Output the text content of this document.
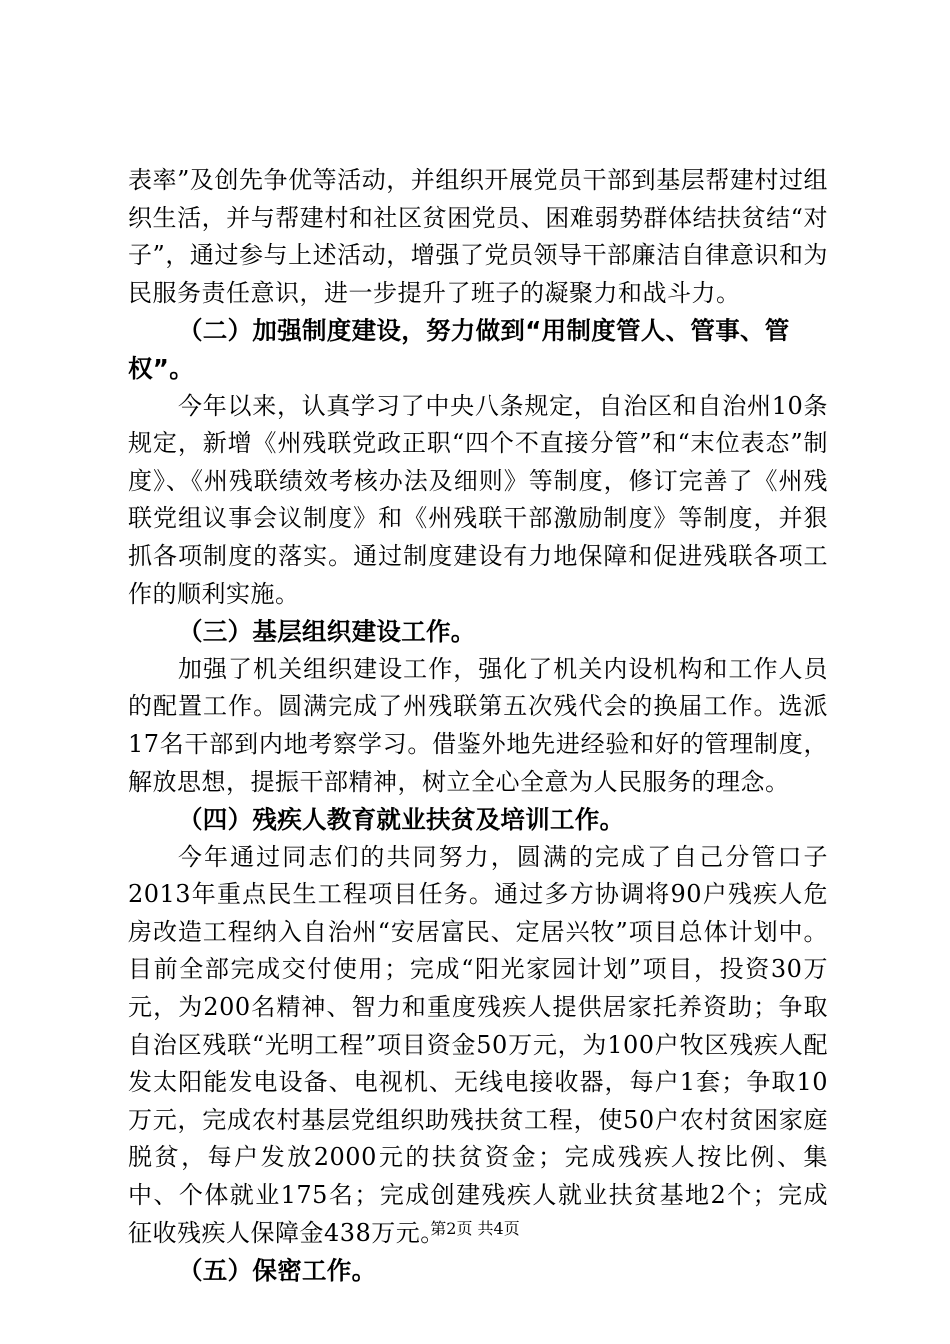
表率”及创先争优等活动，并组织开展党员干部到基层帮建村过组织生活，并与帮建村和社区贫困党员、困难弱势群体结扶贫结“对子”，通过参与上述活动，增强了党员领导干部廉洁自律意识和为民服务责任意识，进一步提升了班子的凝聚力和战斗力。

（二）加强制度建设，努力做到“用制度管人、管事、管权”。

今年以来，认真学习了中央八条规定，自治区和自治州10条规定，新增《州残联党政正职“四个不直接分管”和“末位表态”制度》、《州残联绩效考核办法及细则》等制度，修订完善了《州残联党组议事会议制度》和《州残联干部激励制度》等制度，并狠抓各项制度的落实。通过制度建设有力地保障和促进残联各项工作的顺利实施。

（三）基层组织建设工作。

加强了机关组织建设工作，强化了机关内设机构和工作人员的配置工作。圆满完成了州残联第五次残代会的换届工作。选派17名干部到内地考察学习。借鉴外地先进经验和好的管理制度，解放思想，提振干部精神，树立全心全意为人民服务的理念。

（四）残疾人教育就业扶贫及培训工作。

今年通过同志们的共同努力，圆满的完成了自己分管口子2013年重点民生工程项目任务。通过多方协调将90户残疾人危房改造工程纳入自治州“安居富民、定居兴牧”项目总体计划中。目前全部完成交付使用；完成“阳光家园计划”项目，投资30万元，为200名精神、智力和重度残疾人提供居家托养资助；争取自治区残联“光明工程”项目资金50万元，为100户牧区残疾人配发太阳能发电设备、电视机、无线电接收器，每户1套；争取10万元，完成农村基层党组织助残扶贫工程，使50户农村贫困家庭脱贫，每户发放2000元的扶贫资金；完成残疾人按比例、集中、个体就业175名；完成创建残疾人就业扶贫基地2个；完成征收残疾人保障金438万元。

（五）保密工作。

第2页 共4页
